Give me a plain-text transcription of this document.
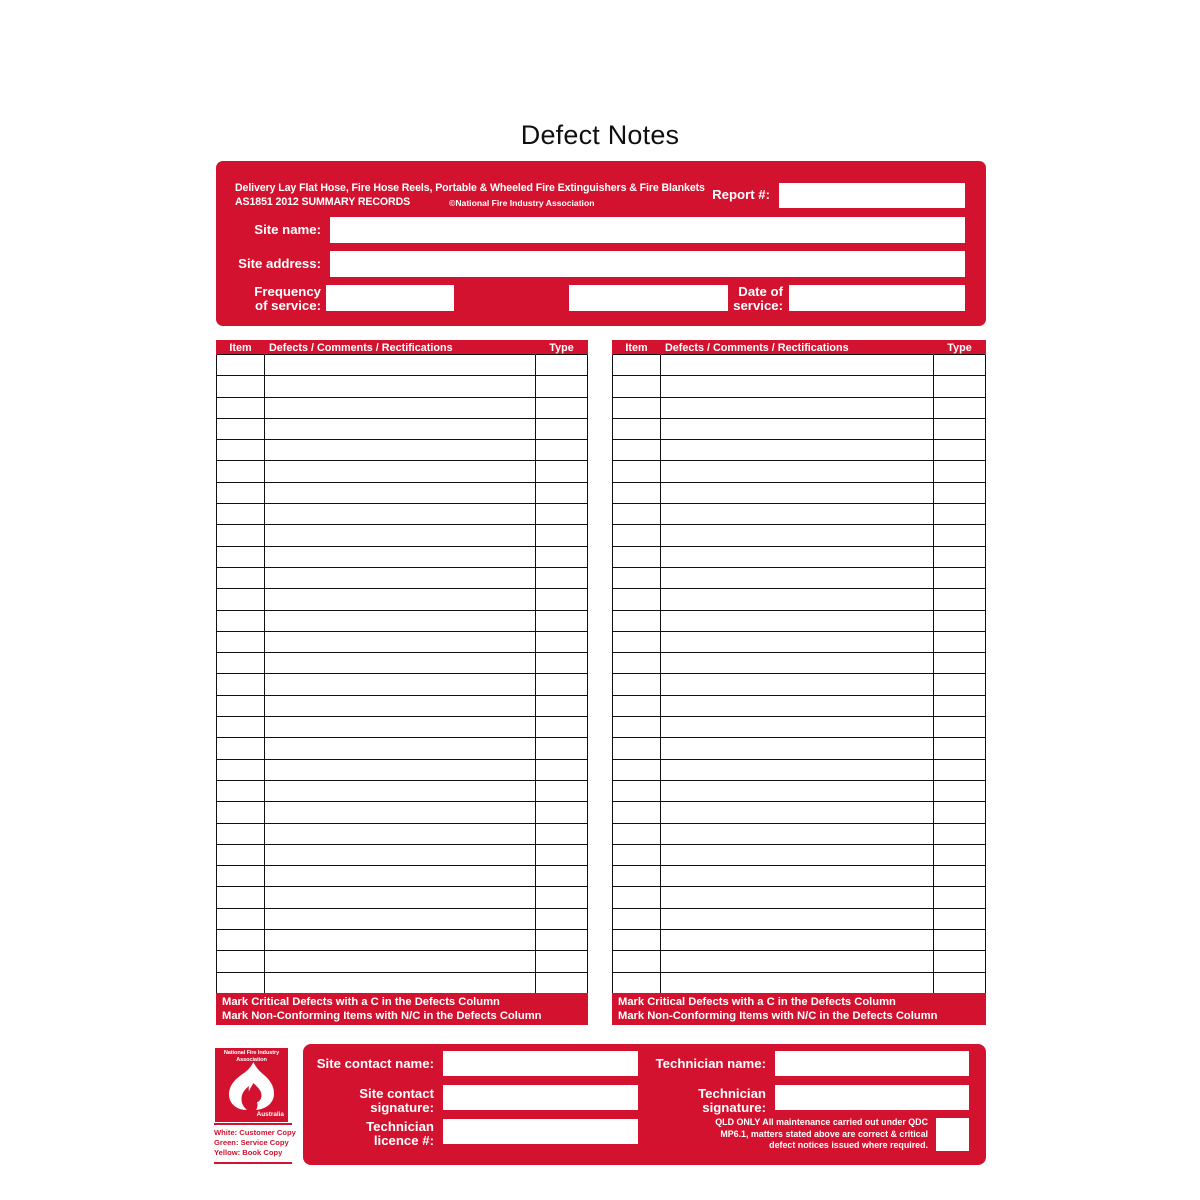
Defect Notes
Delivery Lay Flat Hose, Fire Hose Reels, Portable & Wheeled Fire Extinguishers & Fire Blankets
AS1851 2012 SUMMARY RECORDS	©National Fire Industry Association
Report #:
Site name:
Site address:
Frequency
of service:
Date of
service:
Item	Defects / Comments / Rectifications	Type

Mark Critical Defects with a C in the Defects Column
Mark Non-Conforming Items with N/C in the Defects Column
Item	Defects / Comments / Rectifications	Type

Mark Critical Defects with a C in the Defects Column
Mark Non-Conforming Items with N/C in the Defects Column
National Fire Industry
Association
Australia
White: Customer Copy
Green: Service Copy
Yellow: Book Copy
Site contact name:
Site contact
signature:
Technician
licence #:
Technician name:
Technician
signature:
QLD ONLY All maintenance carried out under QDC
MP6.1, matters stated above are correct & critical
defect notices issued where required.
